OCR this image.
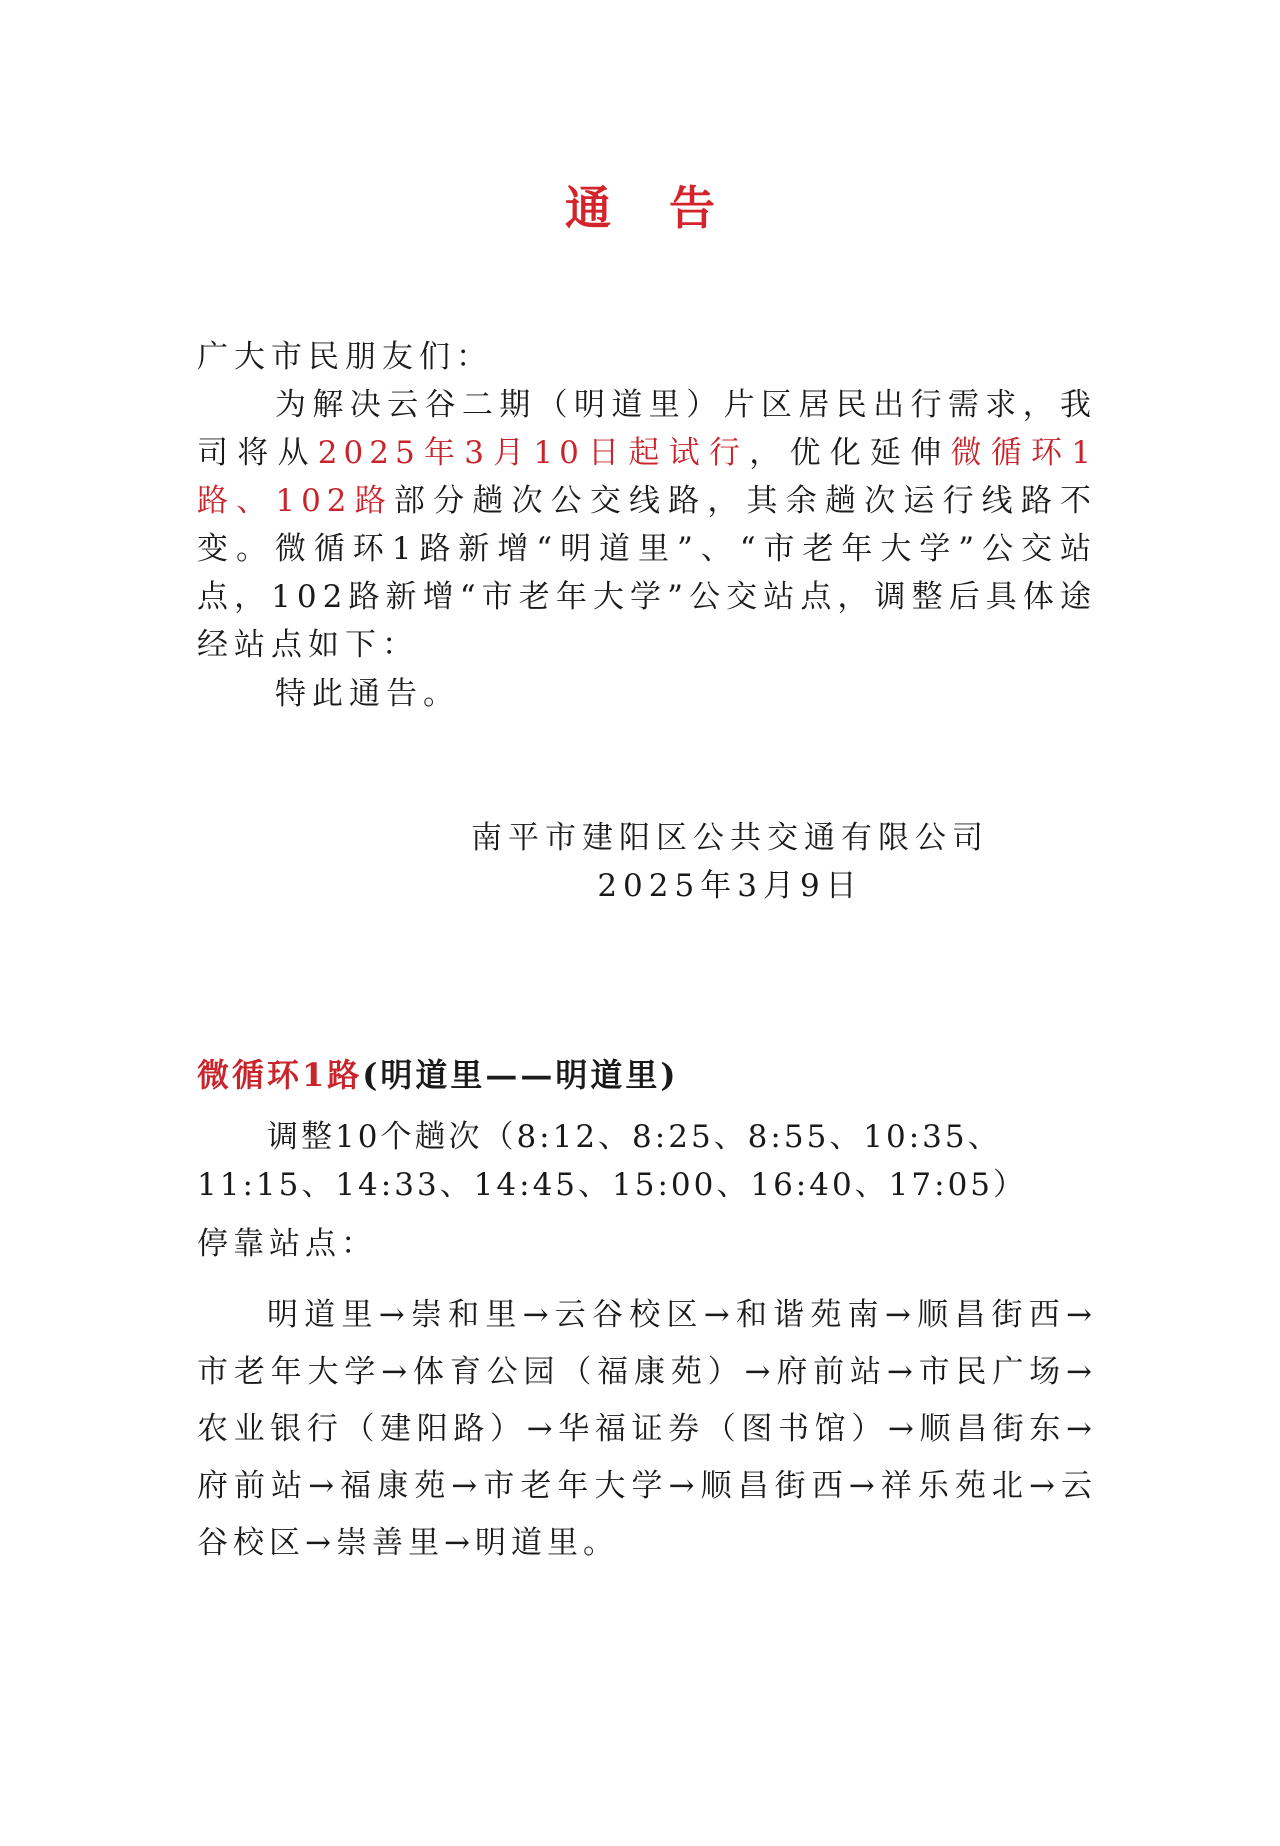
通告
广大市民朋友们：
为解决云谷二期（明道里）片区居民出行需求，我司将从2025年3月10日起试行，优化延伸微循环1路、102路部分趟次公交线路，其余趟次运行线路不变。微循环1路新增“明道里”、“市老年大学”公交站点，102路新增“市老年大学”公交站点，调整后具体途经站点如下：
特此通告。
南平市建阳区公共交通有限公司
2025年3月9日
微循环1路(明道里——明道里)
调整10个趟次（8:12、8:25、8:55、10:35、11:15、14:33、14:45、15:00、16:40、17:05）
停靠站点：
明道里→崇和里→云谷校区→和谐苑南→顺昌街西→市老年大学→体育公园（福康苑）→府前站→市民广场→农业银行（建阳路）→华福证券（图书馆）→顺昌街东→府前站→福康苑→市老年大学→顺昌街西→祥乐苑北→云谷校区→崇善里→明道里。
